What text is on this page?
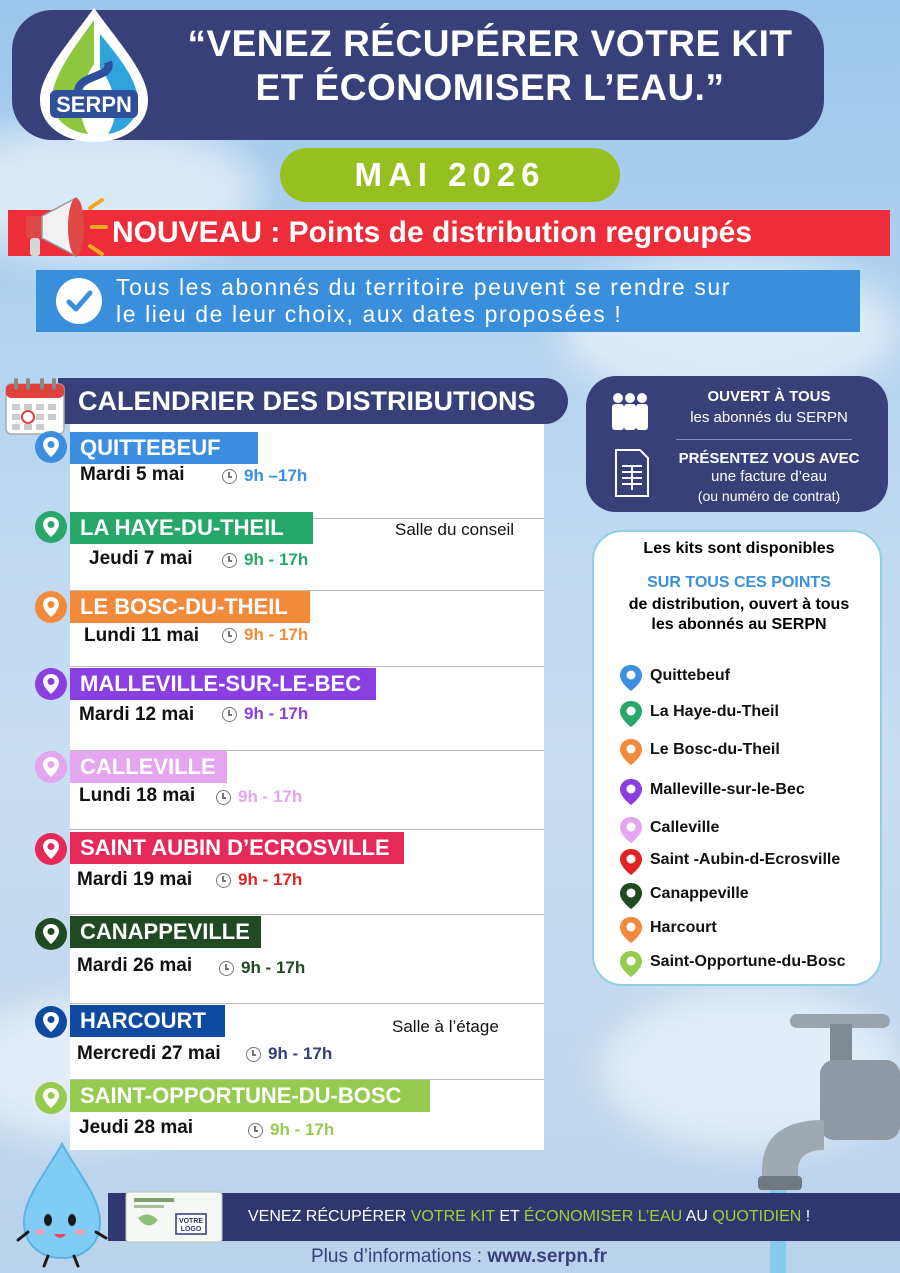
SERPN
“VENEZ RÉCUPÉRER VOTRE KIT
ET ÉCONOMISER L’EAU.”
MAI 2026
NOUVEAU : Points de distribution regroupés
Tous les abonnés du territoire peuvent se rendre sur
le lieu de leur choix, aux dates proposées !
CALENDRIER DES DISTRIBUTIONS
QUITTEBEUF
Mardi 5 mai	9h –17h
LA HAYE-DU-THEIL	Salle du conseil
Jeudi 7 mai	9h - 17h
LE BOSC-DU-THEIL
Lundi 11 mai	9h - 17h
MALLEVILLE-SUR-LE-BEC
Mardi 12 mai	9h - 17h
CALLEVILLE
Lundi 18 mai	9h - 17h
SAINT AUBIN D’ECROSVILLE
Mardi 19 mai	9h - 17h
CANAPPEVILLE
Mardi 26 mai	9h - 17h
HARCOURT	Salle à l’étage
Mercredi 27 mai	9h - 17h
SAINT-OPPORTUNE-DU-BOSC
Jeudi 28 mai	9h - 17h
OUVERT À TOUS
les abonnés du SERPN
PRÉSENTEZ VOUS AVEC
une facture d’eau
(ou numéro de contrat)
Les kits sont disponibles
SUR TOUS CES POINTS
de distribution, ouvert à tous
les abonnés au SERPN
Quittebeuf
La Haye-du-Theil
Le Bosc-du-Theil
Malleville-sur-le-Bec
Calleville
Saint -Aubin-d-Ecrosville
Canappeville
Harcourt
Saint-Opportune-du-Bosc
VENEZ RÉCUPÉRER VOTRE KIT ET ÉCONOMISER L’EAU AU QUOTIDIEN !
Plus d’informations : www.serpn.fr
VOTRE
LOGO
